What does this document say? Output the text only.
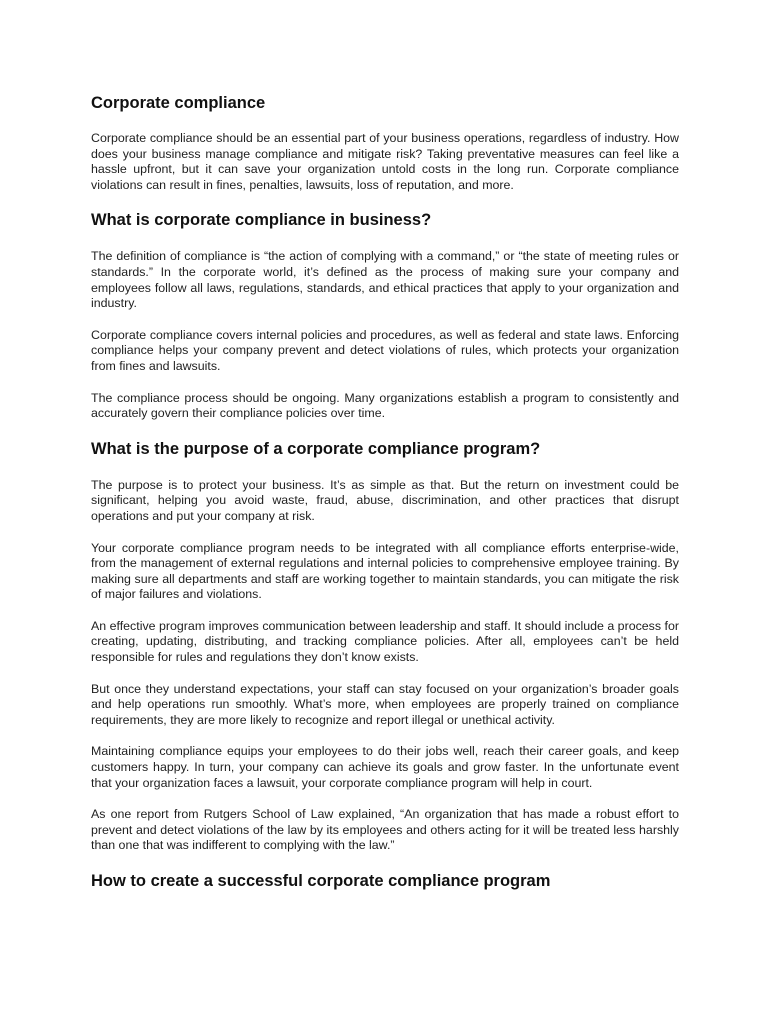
Corporate compliance

Corporate compliance should be an essential part of your business operations, regardless of industry. How does your business manage compliance and mitigate risk? Taking preventative measures can feel like a hassle upfront, but it can save your organization untold costs in the long run. Corporate compliance violations can result in fines, penalties, lawsuits, loss of reputation, and more.

What is corporate compliance in business?

The definition of compliance is “the action of complying with a command,” or “the state of meeting rules or standards.” In the corporate world, it’s defined as the process of making sure your company and employees follow all laws, regulations, standards, and ethical practices that apply to your organization and industry.

Corporate compliance covers internal policies and procedures, as well as federal and state laws. Enforcing compliance helps your company prevent and detect violations of rules, which protects your organization from fines and lawsuits.

The compliance process should be ongoing. Many organizations establish a program to consistently and accurately govern their compliance policies over time.

What is the purpose of a corporate compliance program?

The purpose is to protect your business. It’s as simple as that. But the return on investment could be significant, helping you avoid waste, fraud, abuse, discrimination, and other practices that disrupt operations and put your company at risk.

Your corporate compliance program needs to be integrated with all compliance efforts enterprise-wide, from the management of external regulations and internal policies to comprehensive employee training. By making sure all departments and staff are working together to maintain standards, you can mitigate the risk of major failures and violations.

An effective program improves communication between leadership and staff. It should include a process for creating, updating, distributing, and tracking compliance policies. After all, employees can’t be held responsible for rules and regulations they don’t know exists.

But once they understand expectations, your staff can stay focused on your organization’s broader goals and help operations run smoothly. What’s more, when employees are properly trained on compliance requirements, they are more likely to recognize and report illegal or unethical activity.

Maintaining compliance equips your employees to do their jobs well, reach their career goals, and keep customers happy. In turn, your company can achieve its goals and grow faster. In the unfortunate event that your organization faces a lawsuit, your corporate compliance program will help in court.

As one report from Rutgers School of Law explained, “An organization that has made a robust effort to prevent and detect violations of the law by its employees and others acting for it will be treated less harshly than one that was indifferent to complying with the law.”

How to create a successful corporate compliance program
